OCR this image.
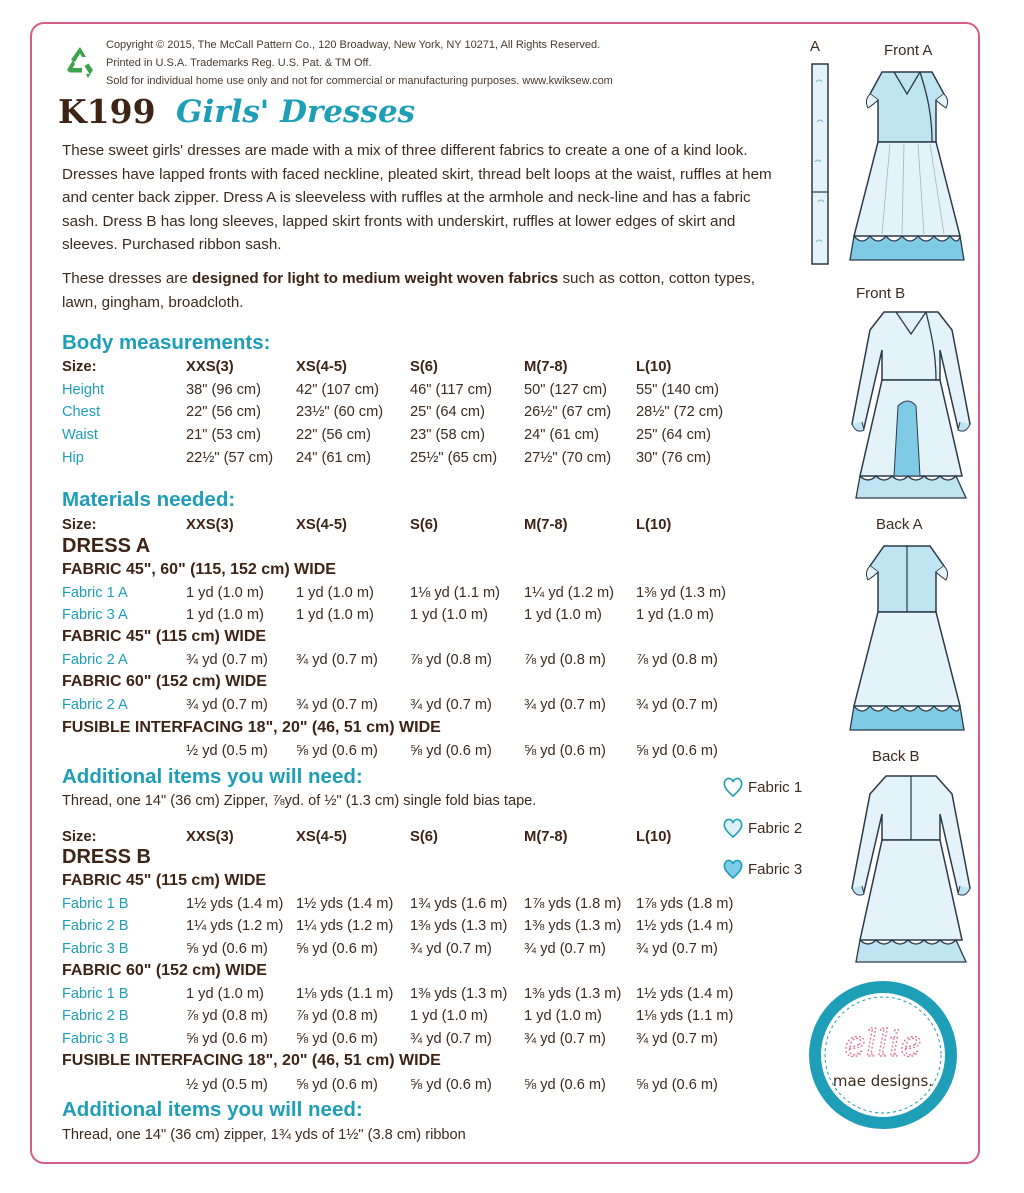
Copyright © 2015, The McCall Pattern Co., 120 Broadway, New York, NY 10271, All Rights Reserved.
Printed in U.S.A. Trademarks Reg. U.S. Pat. & TM Off.
Sold for individual home use only and not for commercial or manufacturing purposes. www.kwiksew.com
K199 Girls' Dresses
These sweet girls' dresses are made with a mix of three different fabrics to create a one of a kind look. Dresses have lapped fronts with faced neckline, pleated skirt, thread belt loops at the waist, ruffles at hem and center back zipper. Dress A is sleeveless with ruffles at the armhole and neck-line and has a fabric sash. Dress B has long sleeves, lapped skirt fronts with underskirt, ruffles at lower edges of skirt and sleeves. Purchased ribbon sash.
These dresses are designed for light to medium weight woven fabrics such as cotton, cotton types, lawn, gingham, broadcloth.
Body measurements:
Materials needed:
A	Front A
Front B
Back A
Back B
Fabric 1
Fabric 2
Fabric 3
ellie
mae designs.
Size:	XXS(3)	XS(4-5)	S(6)	M(7-8)	L(10)
Height	38" (96 cm) 42" (107 cm) 46" (117 cm) 50" (127 cm) 55" (140 cm)
Chest	22" (56 cm) 23½" (60 cm) 25" (64 cm)	26½" (67 cm) 28½" (72 cm)
Waist	21" (53 cm) 22" (56 cm)	23" (58 cm)	24" (61 cm)	25" (64 cm)
Hip	22½" (57 cm) 24" (61 cm)	25½" (65 cm) 27½" (70 cm) 30" (76 cm)
Size:	XXS(3)	XS(4-5)	S(6)	M(7-8)	L(10)
DRESS A
FABRIC 45", 60" (115, 152 cm) WIDE
Fabric 1 A	1 yd (1.0 m) 1 yd (1.0 m) 1⅛ yd (1.1 m) 1¼ yd (1.2 m) 1⅜ yd (1.3 m)
Fabric 3 A	1 yd (1.0 m) 1 yd (1.0 m) 1 yd (1.0 m) 1 yd (1.0 m) 1 yd (1.0 m)
FABRIC 45" (115 cm) WIDE
Fabric 2 A	¾ yd (0.7 m) ¾ yd (0.7 m) ⅞ yd (0.8 m) ⅞ yd (0.8 m) ⅞ yd (0.8 m)
FABRIC 60" (152 cm) WIDE
Fabric 2 A	¾ yd (0.7 m) ¾ yd (0.7 m) ¾ yd (0.7 m) ¾ yd (0.7 m) ¾ yd (0.7 m)
FUSIBLE INTERFACING 18", 20" (46, 51 cm) WIDE
½ yd (0.5 m) ⅝ yd (0.6 m) ⅝ yd (0.6 m) ⅝ yd (0.6 m) ⅝ yd (0.6 m)
Additional items you will need:
Thread, one 14" (36 cm) Zipper, ⅞yd. of ½" (1.3 cm) single fold bias tape.
Size:	XXS(3)	XS(4-5)	S(6)	M(7-8)	L(10)
DRESS B
FABRIC 45" (115 cm) WIDE
Fabric 1 B	1½ yds (1.4 m) 1½ yds (1.4 m) 1¾ yds (1.6 m) 1⅞ yds (1.8 m) 1⅞ yds (1.8 m)
Fabric 2 B	1¼ yds (1.2 m) 1¼ yds (1.2 m) 1⅜ yds (1.3 m) 1⅜ yds (1.3 m) 1½ yds (1.4 m)
Fabric 3 B	⅝ yd (0.6 m) ⅝ yd (0.6 m) ¾ yd (0.7 m) ¾ yd (0.7 m) ¾ yd (0.7 m)
FABRIC 60" (152 cm) WIDE
Fabric 1 B	1 yd (1.0 m) 1⅛ yds (1.1 m) 1⅜ yds (1.3 m) 1⅜ yds (1.3 m) 1½ yds (1.4 m)
Fabric 2 B	⅞ yd (0.8 m) ⅞ yd (0.8 m) 1 yd (1.0 m) 1 yd (1.0 m) 1⅛ yds (1.1 m)
Fabric 3 B	⅝ yd (0.6 m) ⅝ yd (0.6 m) ¾ yd (0.7 m) ¾ yd (0.7 m) ¾ yd (0.7 m)
FUSIBLE INTERFACING 18", 20" (46, 51 cm) WIDE
½ yd (0.5 m) ⅝ yd (0.6 m) ⅝ yd (0.6 m) ⅝ yd (0.6 m) ⅝ yd (0.6 m)
Additional items you will need:
Thread, one 14" (36 cm) zipper, 1¾ yds of 1½" (3.8 cm) ribbon
